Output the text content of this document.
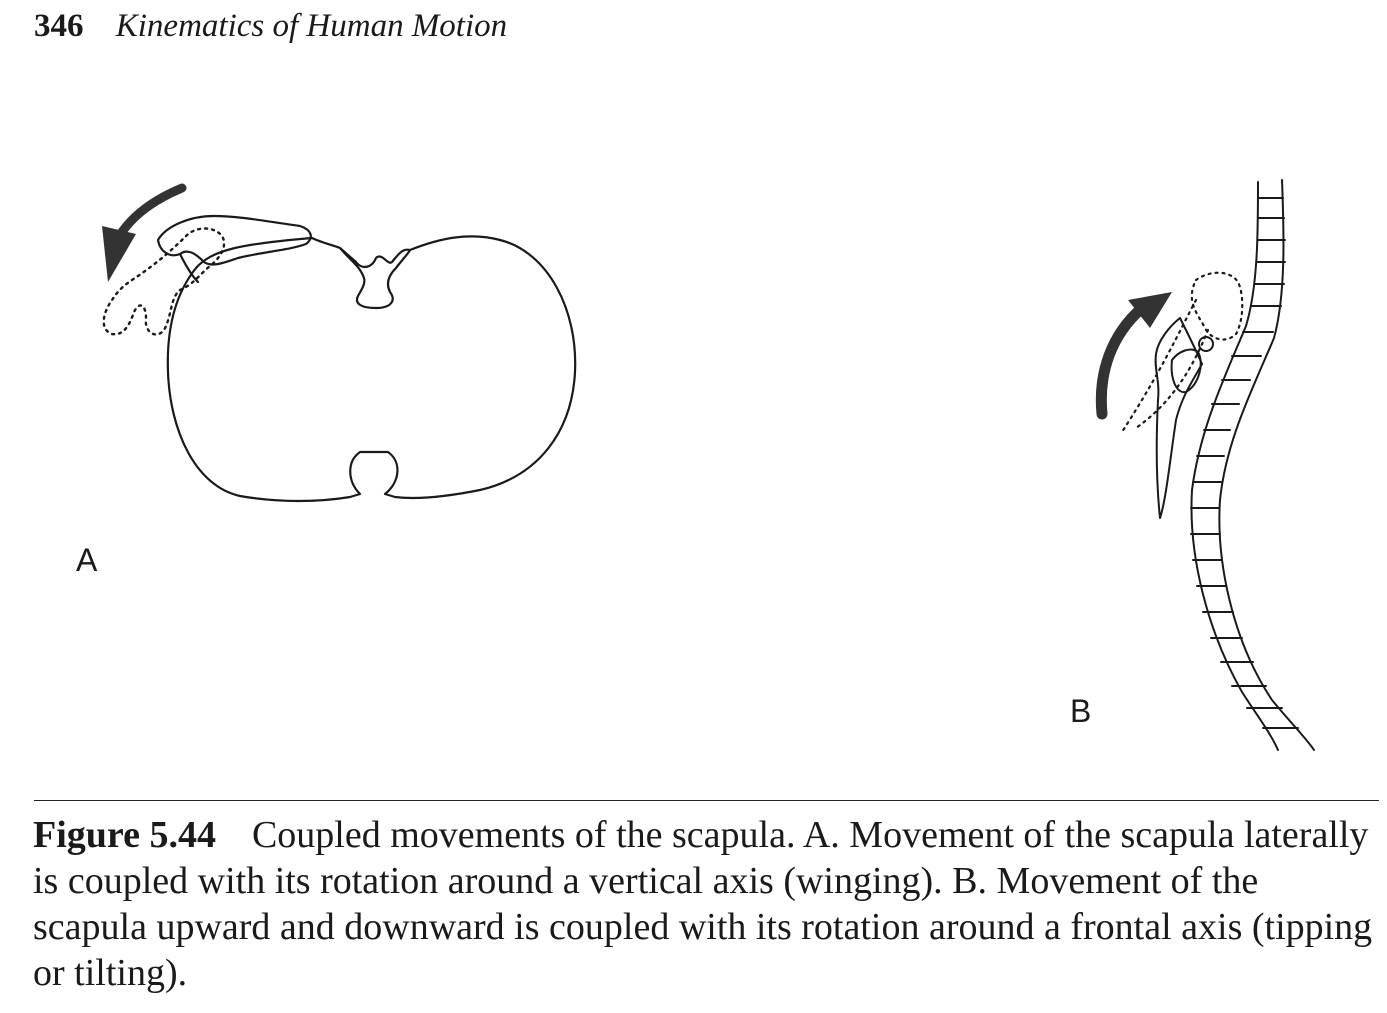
346 Kinematics of Human Motion
A
B
Figure 5.44 Coupled movements of the scapula. A. Movement of the scapula laterally is coupled with its rotation around a vertical axis (winging). B. Movement of the scapula upward and downward is coupled with its rotation around a frontal axis (tipping or tilting).
